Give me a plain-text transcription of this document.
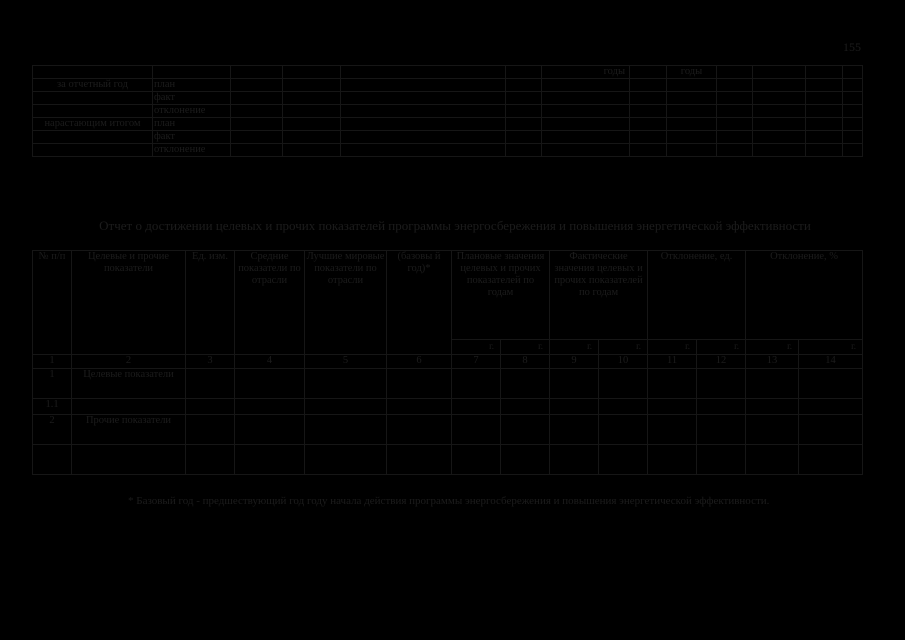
155
						годы		годы				
за отчетный год	план											
	факт											
	отклонение											
нарастающим итогом	план											
	факт											
	отклонение											
Отчет о достижении целевых и прочих показателей программы энергосбережения и повышения энергетической эффективности
№ п/п	Целевые и прочие показатели	Ед. изм.	Средние показатели по отрасли	Лучшие мировые показатели по отрасли	(базовы й год)*	Плановые значения целевых и прочих показателей по годам		Фактические значения целевых и прочих показателей по годам		Отклонение, ед.		Отклонение, %	
						г.	г.	г.	г.	г.	г.	г.	г.
1	2	3	4	5	6	7	8	9	10	11	12	13	14
1	Целевые показатели												
1.1													
2	Прочие показатели												

* Базовый год - предшествующий год году начала действия программы энергосбережения и повышения энергетической эффективности.
